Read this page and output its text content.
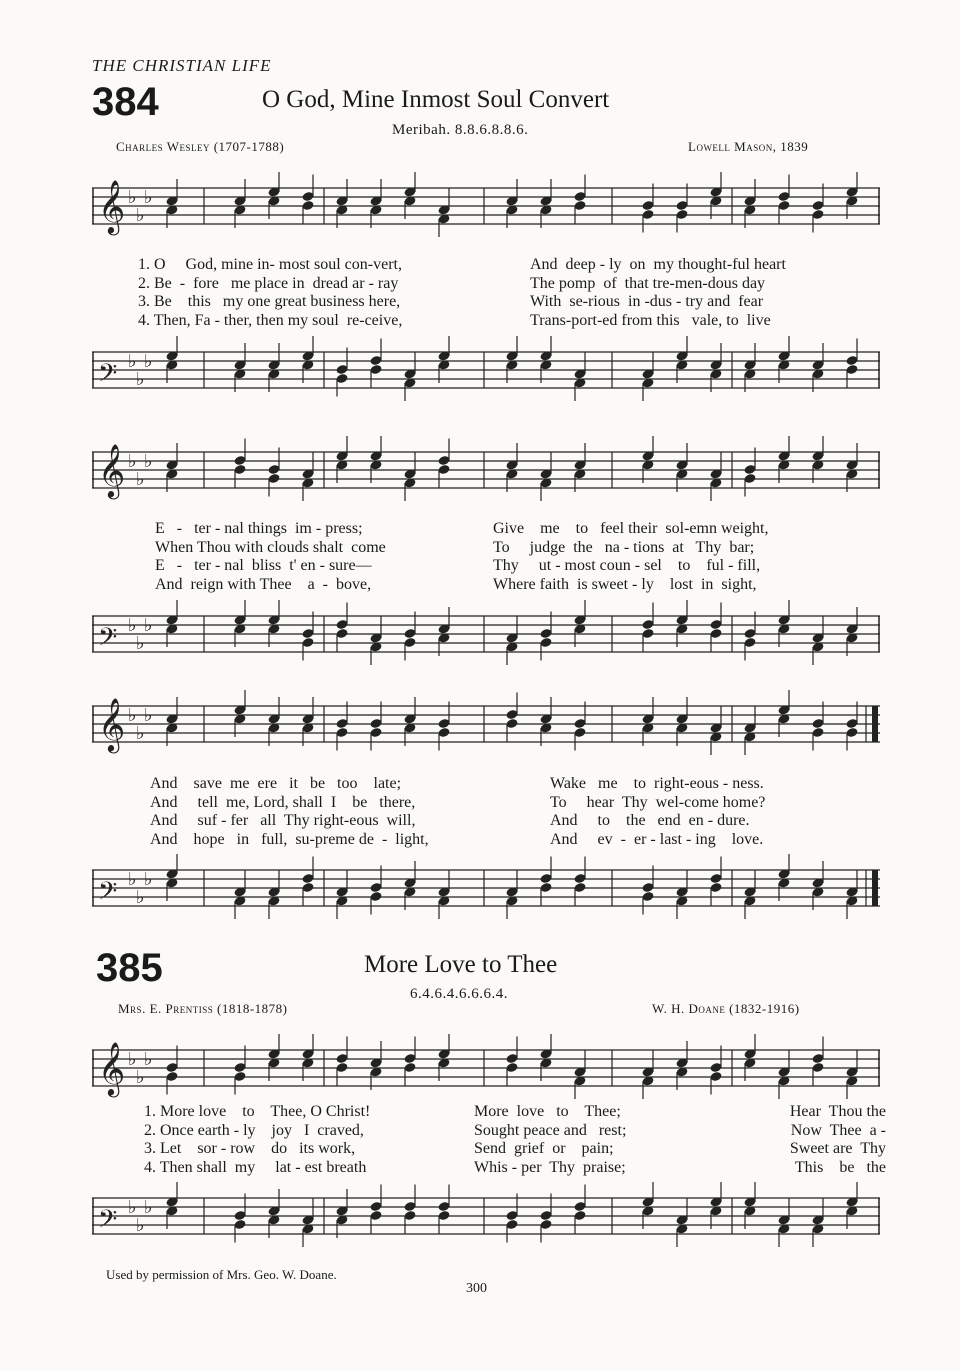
THE CHRISTIAN LIFE
384	O God, Mine Inmost Soul Convert
Meribah. 8.8.6.8.8.6.
Charles Wesley (1707-1788)	Lowell Mason, 1839
𝄞 ♭
♭
♭
1. O     God, mine in- most soul con-vert,	And  deep - ly  on  my thought-ful heart
2. Be  -  fore   me place in  dread ar - ray	The pomp  of  that tre-men-dous day
3. Be    this   my one great business here,	With  se-rious  in -dus - try and  fear
4. Then, Fa - ther, then my soul  re-ceive,	Trans-port-ed from this   vale, to  live
𝄢 ♭
♭
♭
𝄞 ♭
♭
♭
E   -   ter - nal things  im - press;	Give    me    to   feel their  sol-emn weight,
When Thou with clouds shalt  come	To     judge  the   na - tions  at   Thy  bar;
E   -   ter - nal  bliss  t' en - sure—	Thy     ut - most coun - sel    to    ful - fill,
And  reign with Thee    a  -  bove,	Where faith  is sweet - ly    lost  in  sight,
𝄢 ♭
♭
♭
𝄞 ♭
♭
♭
And    save  me  ere   it   be   too    late;	Wake   me    to  right-eous - ness.
And     tell  me, Lord, shall  I    be   there,	To     hear  Thy  wel-come home?
And     suf - fer   all  Thy right-eous  will,	And     to    the   end  en - dure.
And    hope   in   full,  su-preme de  -  light,	And     ev  -  er - last - ing    love.
𝄢 ♭
♭
♭
385	More Love to Thee
6.4.6.4.6.6.6.4.
Mrs. E. Prentiss (1818-1878)	W. H. Doane (1832-1916)
𝄞 ♭
♭
♭
1. More love    to    Thee, O Christ!	More  love   to    Thee;	Hear  Thou the
2. Once earth - ly    joy   I  craved,	Sought peace and   rest;	Now  Thee  a -
3. Let    sor - row    do   its work,	Send  grief  or    pain;	Sweet are  Thy
4. Then shall  my     lat - est breath	Whis - per  Thy  praise;	This    be   the
𝄢 ♭
♭
♭
Used by permission of Mrs. Geo. W. Doane.
300
